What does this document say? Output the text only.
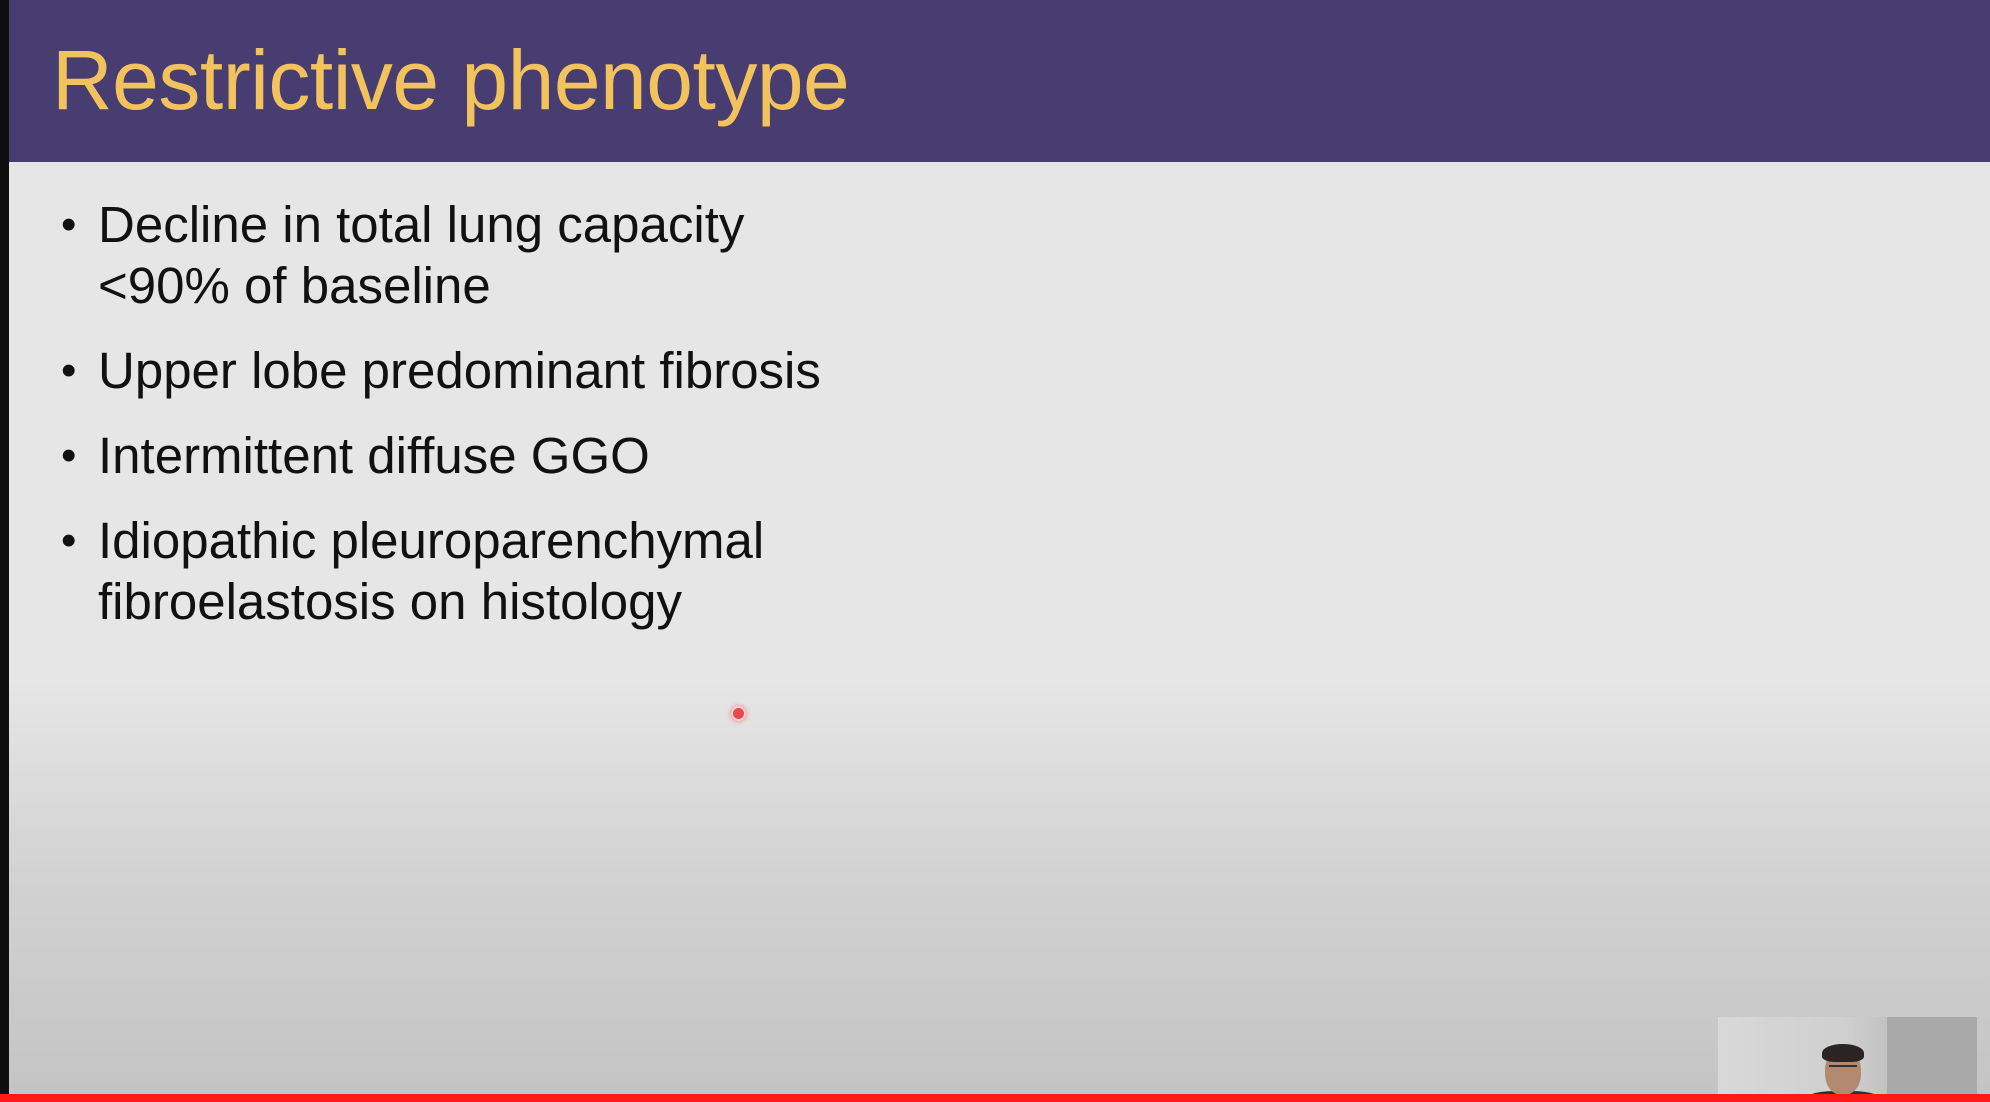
Restrictive phenotype
• Decline in total lung capacity
<90% of baseline
• Upper lobe predominant fibrosis
• Intermittent diffuse GGO
• Idiopathic pleuroparenchymal
fibroelastosis on histology
